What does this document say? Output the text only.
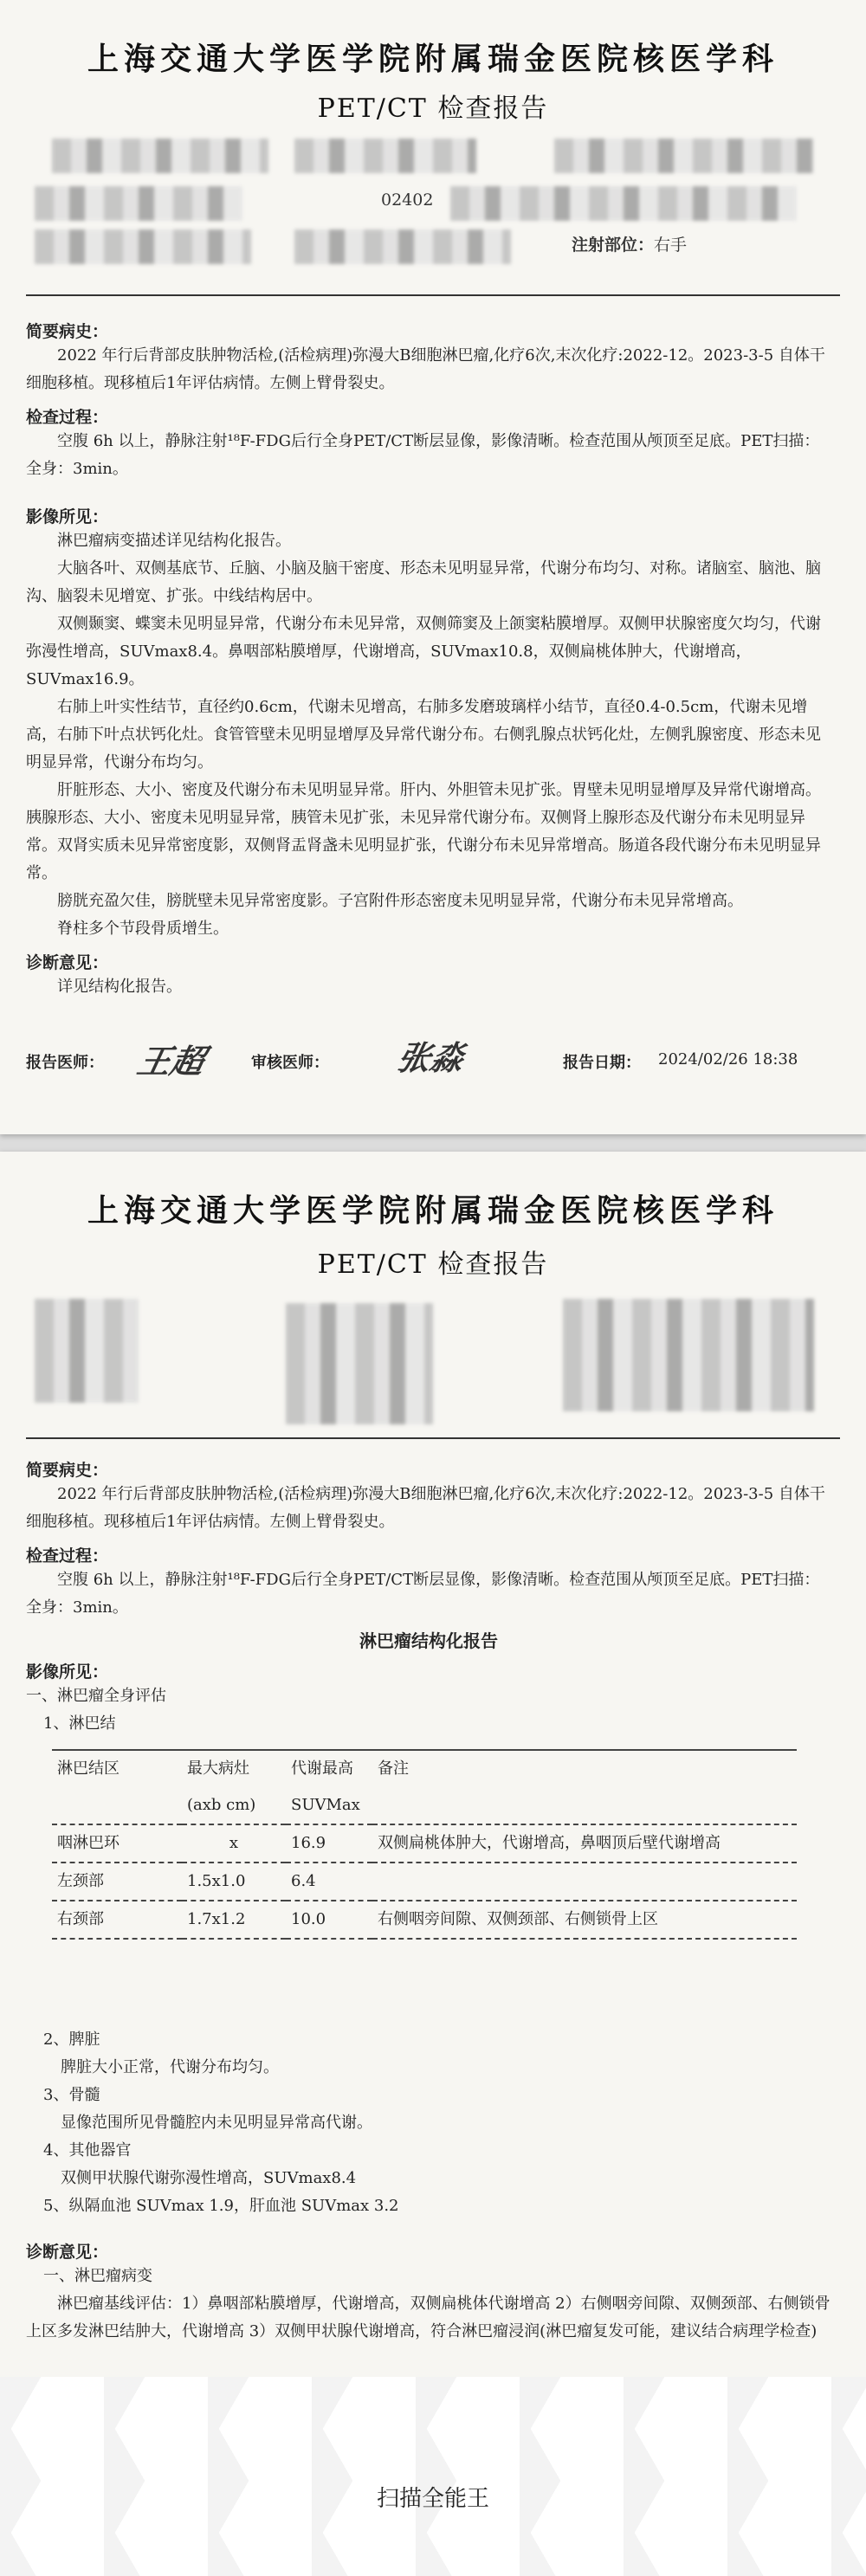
上海交通大学医学院附属瑞金医院核医学科
PET/CT 检查报告
02402
注射部位： 右手
简要病史：
2022 年行后背部皮肤肿物活检,(活检病理)弥漫大B细胞淋巴瘤,化疗6次,末次化疗:2022-12。2023-3-5 自体干细胞移植。现移植后1年评估病情。左侧上臂骨裂史。
检查过程：
空腹 6h 以上，静脉注射¹⁸F-FDG后行全身PET/CT断层显像，影像清晰。检查范围从颅顶至足底。PET扫描：全身：3min。
影像所见：
淋巴瘤病变描述详见结构化报告。
大脑各叶、双侧基底节、丘脑、小脑及脑干密度、形态未见明显异常，代谢分布均匀、对称。诸脑室、脑池、脑沟、脑裂未见增宽、扩张。中线结构居中。
双侧颞窦、蝶窦未见明显异常，代谢分布未见异常，双侧筛窦及上颌窦粘膜增厚。双侧甲状腺密度欠均匀，代谢弥漫性增高，SUVmax8.4。鼻咽部粘膜增厚，代谢增高，SUVmax10.8，双侧扁桃体肿大，代谢增高，SUVmax16.9。
右肺上叶实性结节，直径约0.6cm，代谢未见增高，右肺多发磨玻璃样小结节，直径0.4-0.5cm，代谢未见增高，右肺下叶点状钙化灶。食管管壁未见明显增厚及异常代谢分布。右侧乳腺点状钙化灶，左侧乳腺密度、形态未见明显异常，代谢分布均匀。
肝脏形态、大小、密度及代谢分布未见明显异常。肝内、外胆管未见扩张。胃壁未见明显增厚及异常代谢增高。胰腺形态、大小、密度未见明显异常，胰管未见扩张，未见异常代谢分布。双侧肾上腺形态及代谢分布未见明显异常。双肾实质未见异常密度影，双侧肾盂肾盏未见明显扩张，代谢分布未见异常增高。肠道各段代谢分布未见明显异常。
膀胱充盈欠佳，膀胱壁未见异常密度影。子宫附件形态密度未见明显异常，代谢分布未见异常增高。
脊柱多个节段骨质增生。
诊断意见：
详见结构化报告。
报告医师： 王超	审核医师： 张淼	报告日期： 2024/02/26 18:38
上海交通大学医学院附属瑞金医院核医学科
PET/CT 检查报告
简要病史：
2022 年行后背部皮肤肿物活检,(活检病理)弥漫大B细胞淋巴瘤,化疗6次,末次化疗:2022-12。2023-3-5 自体干细胞移植。现移植后1年评估病情。左侧上臂骨裂史。
检查过程：
空腹 6h 以上，静脉注射¹⁸F-FDG后行全身PET/CT断层显像，影像清晰。检查范围从颅顶至足底。PET扫描：全身：3min。
淋巴瘤结构化报告
影像所见：
一、淋巴瘤全身评估
1、淋巴结

淋巴结区	最大病灶	代谢最高	备注
	(axb cm)	SUVMax	

咽淋巴环	x	16.9	双侧扁桃体肿大，代谢增高，鼻咽顶后壁代谢增高

左颈部	1.5x1.0	6.4	

右颈部	1.7x1.2	10.0	右侧咽旁间隙、双侧颈部、右侧锁骨上区

2、脾脏
脾脏大小正常，代谢分布均匀。
3、骨髓
显像范围所见骨髓腔内未见明显异常高代谢。
4、其他器官
双侧甲状腺代谢弥漫性增高，SUVmax8.4
5、纵隔血池 SUVmax 1.9，肝血池 SUVmax 3.2
诊断意见：
一、淋巴瘤病变
淋巴瘤基线评估：1）鼻咽部粘膜增厚，代谢增高，双侧扁桃体代谢增高 2）右侧咽旁间隙、双侧颈部、右侧锁骨上区多发淋巴结肿大，代谢增高 3）双侧甲状腺代谢增高，符合淋巴瘤浸润(淋巴瘤复发可能，建议结合病理学检查)
扫描全能王
